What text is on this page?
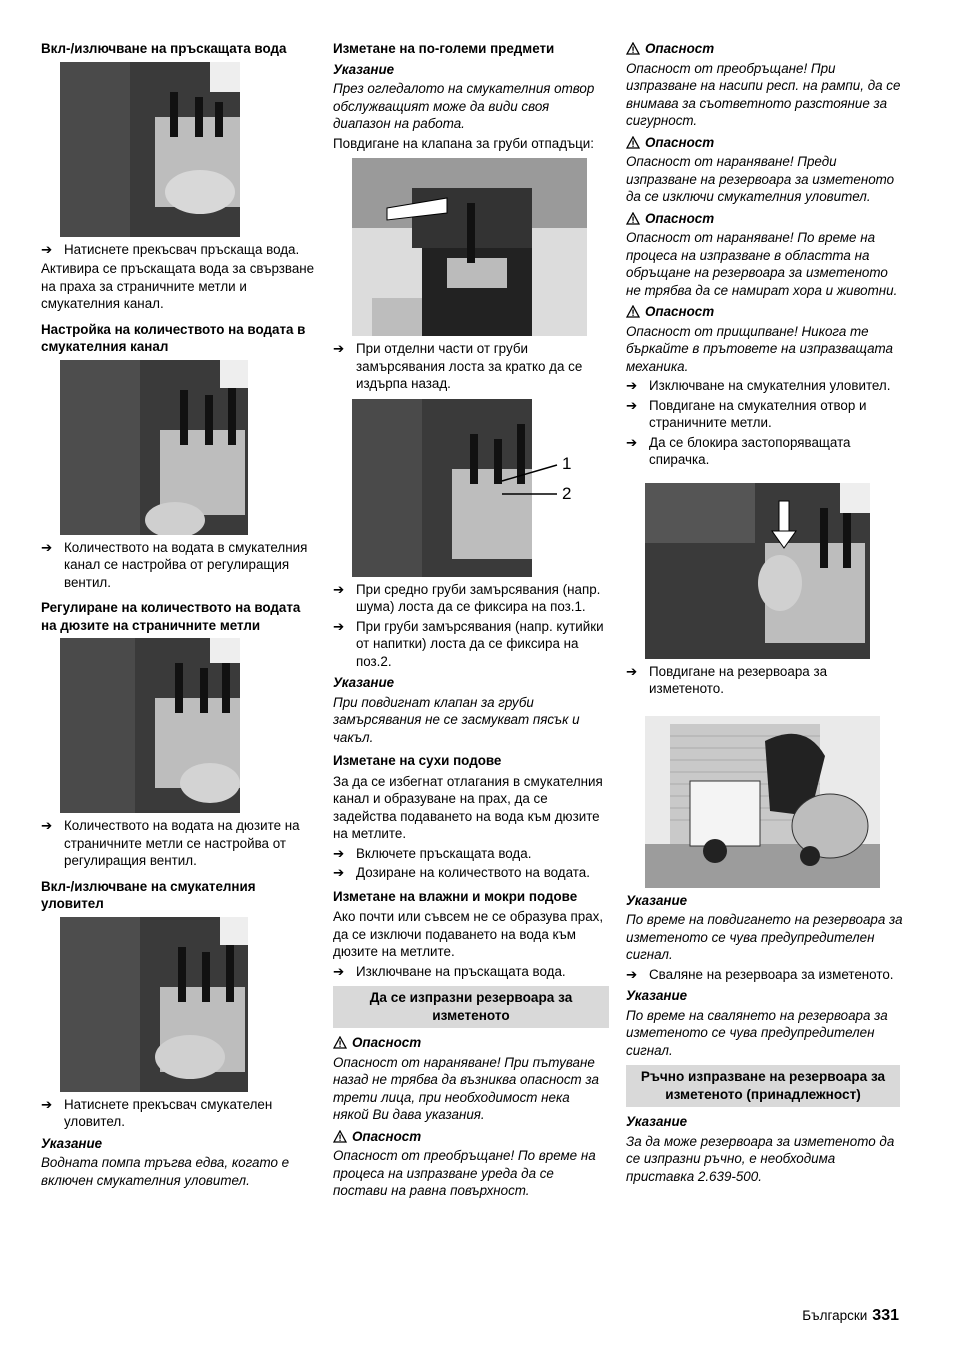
Вкл-/излючване на пръскащата вода
➔ Натиснете прекъсвач пръскаща вода.
Активира се пръскащата вода за свързване на праха за страничните метли и смукателния канал.
Настройка на количеството на водата в смукателния канал
➔ Количеството на водата в смукателния канал се настройва от регулиращия вентил.
Регулиране на количеството на водата на дюзите на страничните метли
➔ Количеството на водата на дюзите на страничните метли се настройва от регулиращия вентил.
Вкл-/излючване на смукателния уловител
➔ Натиснете прекъсвач смукателен уловител.
Указание
Водната помпа тръгва едва, когато е включен смукателния уловител.
Изметане на по-големи предмети
Указание
През огледалото на смукателния отвор обслужващият може да види своя диапазон на работа.
Повдигане на клапана за груби отпадъци:
➔ При отделни части от груби замърсявания лоста за кратко да се издърпа назад.
1
2
➔ При средно груби замърсявания (напр. шума) лоста да се фиксира на поз.1.
➔ При груби замърсявания (напр. кутийки от напитки) лоста да се фиксира на поз.2.
Указание
При повдигнат клапан за груби замърсявания не се засмукват пясък и чакъл.
Изметане на сухи подове
За да се избегнат отлагания в смукателния канал и образуване на прах, да се задейства подаването на вода към дюзите на метлите.
➔ Включете пръскащата вода.
➔ Дозиране на количеството на водата.
Изметане на влажни и мокри подове
Ако почти или съвсем не се образува прах, да се изключи подаването на вода към дюзите на метлите.
➔ Изключване на пръскащата вода.
Да се изпразни резервоара за изметеното
Опасност
Опасност от нараняване! При пътуване назад не трябва да възниква опасност за трети лица, при необходимост нека някой Ви дава указания.
Опасност
Опасност от преобръщане! По време на процеса на изпразване уреда да се постави на равна повърхност.
Опасност
Опасност от преобръщане! При изпразване на насипи респ. на рампи, да се внимава за съответното разстояние за сигурност.
Опасност
Опасност от нараняване! Преди изпразване на резервоара за изметеното да се изключи смукателния уловител.
Опасност
Опасност от нараняване! По време на процеса на изпразване в областта на обръщане на резервоара за изметеното не трябва да се намират хора и животни.
Опасност
Опасност от прищипване! Никога те бъркайте в прътовете на изпразващата механика.
➔ Изключване на смукателния уловител.
➔ Повдигане на смукателния отвор и страничните метли.
➔ Да се блокира застопоряващата спирачка.
➔ Повдигане на резервоара за изметеното.
Указание
По време на повдигането на резервоара за изметеното се чува предупредителен сигнал.
➔ Сваляне на резервоара за изметеното.
Указание
По време на свалянето на резервоара за изметеното се чува предупредителен сигнал.
Ръчно изпразване на резервоара за изметеното (принадлежност)
Указание
За да може резервоара за изметеното да се изпразни ръчно, е необходима приставка 2.639-500.
Български 331
